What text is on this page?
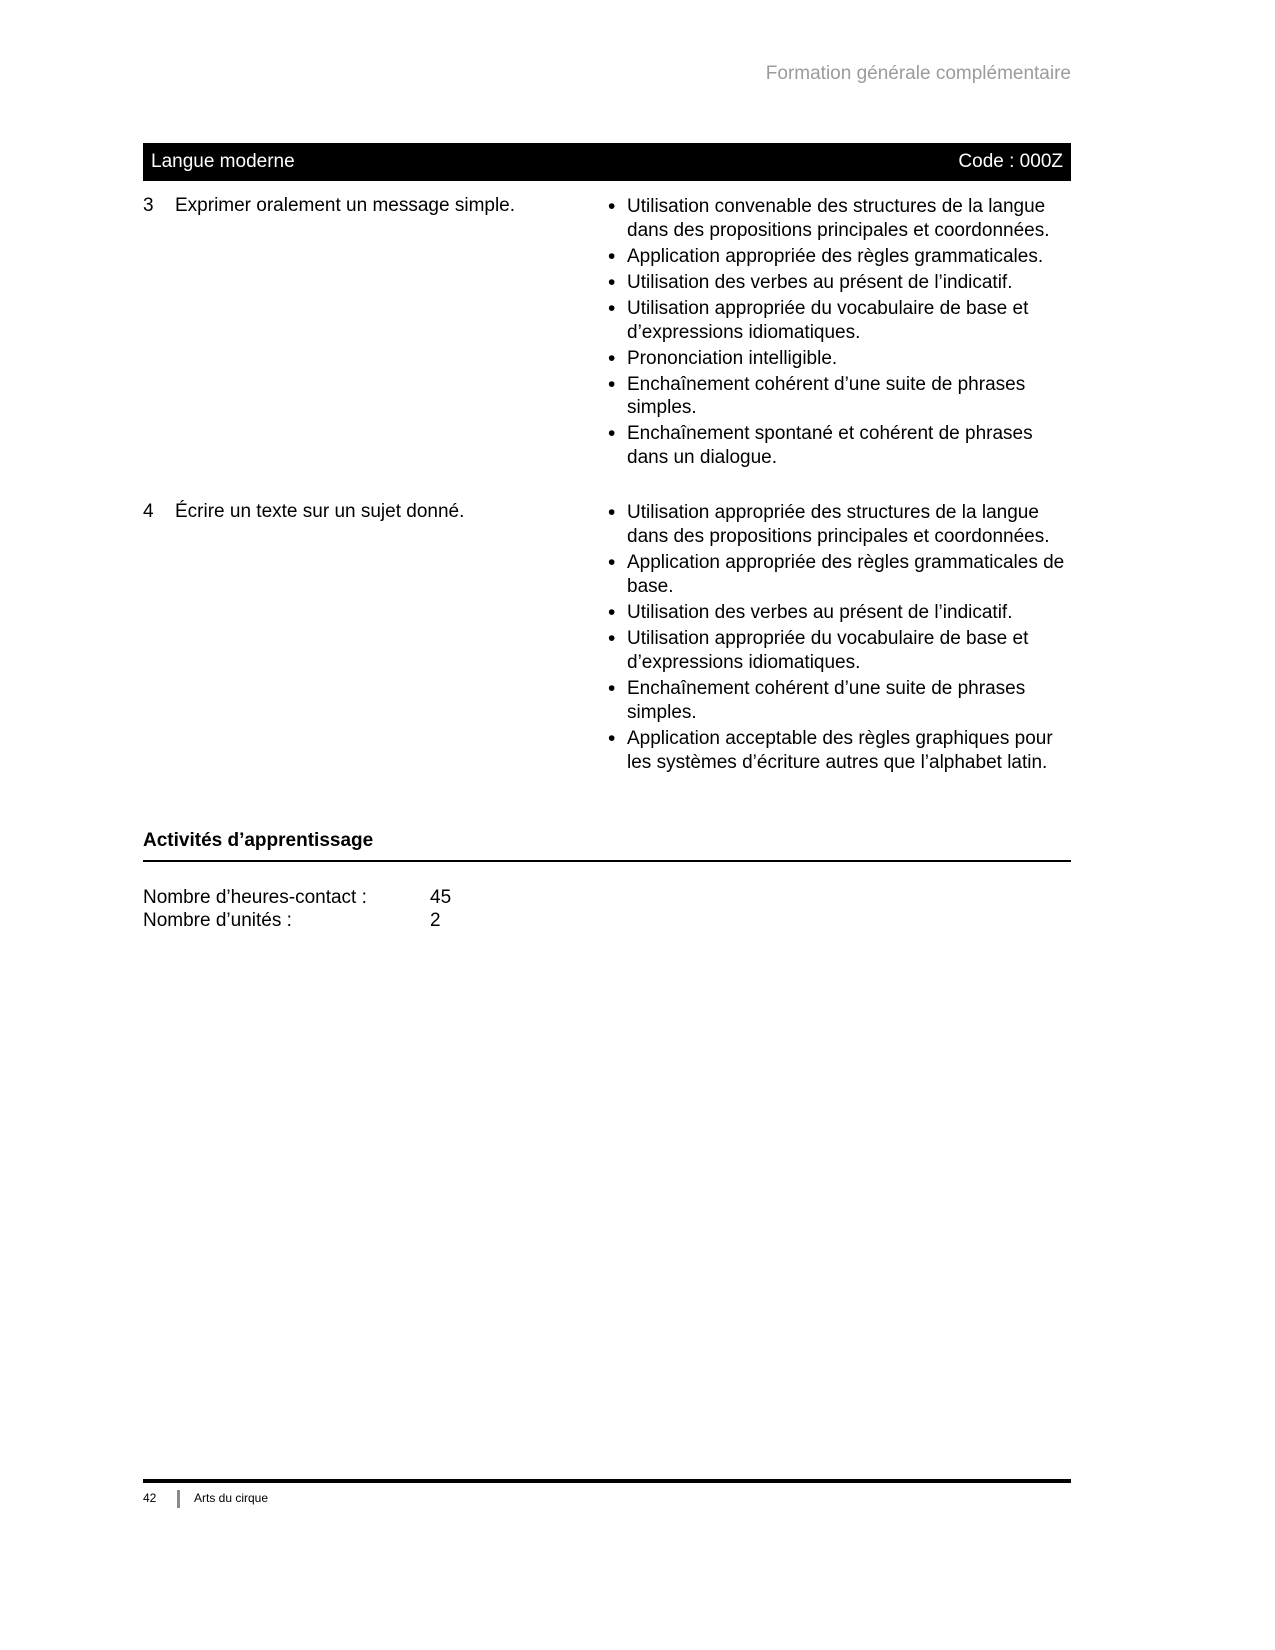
Formation générale complémentaire
Langue moderne	Code : 000Z
3	Exprimer oralement un message simple.	• Utilisation convenable des structures de la langue dans des propositions principales et coordonnées.
• Application appropriée des règles grammaticales.
• Utilisation des verbes au présent de l’indicatif.
• Utilisation appropriée du vocabulaire de base et d’expressions idiomatiques.
• Prononciation intelligible.
• Enchaînement cohérent d’une suite de phrases simples.
• Enchaînement spontané et cohérent de phrases dans un dialogue.
4	Écrire un texte sur un sujet donné.	• Utilisation appropriée des structures de la langue dans des propositions principales et coordonnées.
• Application appropriée des règles grammaticales de base.
• Utilisation des verbes au présent de l’indicatif.
• Utilisation appropriée du vocabulaire de base et d’expressions idiomatiques.
• Enchaînement cohérent d’une suite de phrases simples.
• Application acceptable des règles graphiques pour les systèmes d’écriture autres que l’alphabet latin.
Activités d’apprentissage
Nombre d’heures-contact :	45
Nombre d’unités :	2
42	Arts du cirque
